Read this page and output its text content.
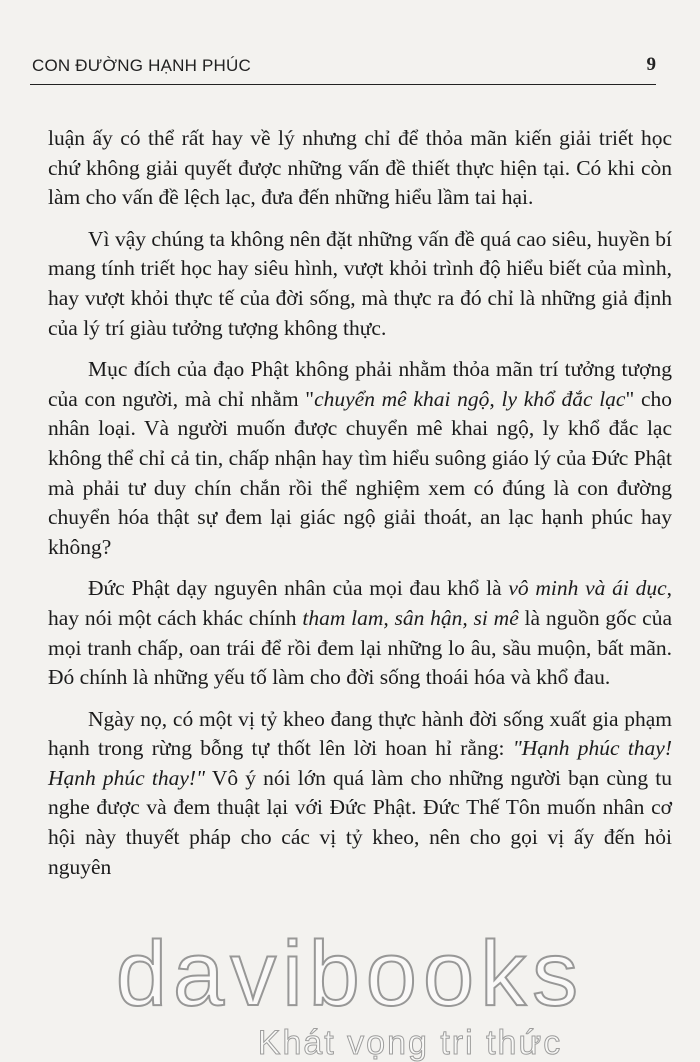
CON ĐƯỜNG HẠNH PHÚC	9

luận ấy có thể rất hay về lý nhưng chỉ để thỏa mãn kiến giải triết học chứ không giải quyết được những vấn đề thiết thực hiện tại. Có khi còn làm cho vấn đề lệch lạc, đưa đến những hiểu lầm tai hại.

Vì vậy chúng ta không nên đặt những vấn đề quá cao siêu, huyền bí mang tính triết học hay siêu hình, vượt khỏi trình độ hiểu biết của mình, hay vượt khỏi thực tế của đời sống, mà thực ra đó chỉ là những giả định của lý trí giàu tưởng tượng không thực.

Mục đích của đạo Phật không phải nhằm thỏa mãn trí tưởng tượng của con người, mà chỉ nhằm "chuyển mê khai ngộ, ly khổ đắc lạc" cho nhân loại. Và người muốn được chuyển mê khai ngộ, ly khổ đắc lạc không thể chỉ cả tin, chấp nhận hay tìm hiểu suông giáo lý của Đức Phật mà phải tư duy chín chắn rồi thể nghiệm xem có đúng là con đường chuyển hóa thật sự đem lại giác ngộ giải thoát, an lạc hạnh phúc hay không?

Đức Phật dạy nguyên nhân của mọi đau khổ là vô minh và ái dục, hay nói một cách khác chính tham lam, sân hận, si mê là nguồn gốc của mọi tranh chấp, oan trái để rồi đem lại những lo âu, sầu muộn, bất mãn. Đó chính là những yếu tố làm cho đời sống thoái hóa và khổ đau.

Ngày nọ, có một vị tỷ kheo đang thực hành đời sống xuất gia phạm hạnh trong rừng bỗng tự thốt lên lời hoan hỉ rằng: "Hạnh phúc thay! Hạnh phúc thay!" Vô ý nói lớn quá làm cho những người bạn cùng tu nghe được và đem thuật lại với Đức Phật. Đức Thế Tôn muốn nhân cơ hội này thuyết pháp cho các vị tỷ kheo, nên cho gọi vị ấy đến hỏi nguyên

davibooks
Khát vọng tri thức
